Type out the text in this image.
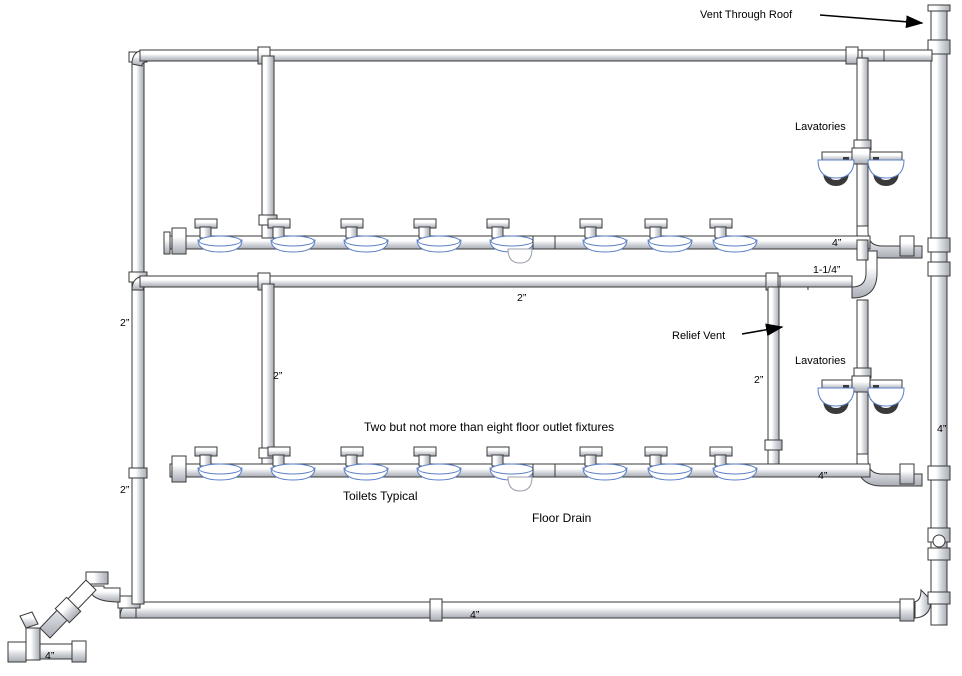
Vent Through Roof
Lavatories
4”
1-1/4”
2”
2”
2”
Relief Vent
Lavatories
2”
Two but not more than eight floor outlet fixtures	4”
2”
4”
Toilets Typical
Floor Drain
4”
4”
